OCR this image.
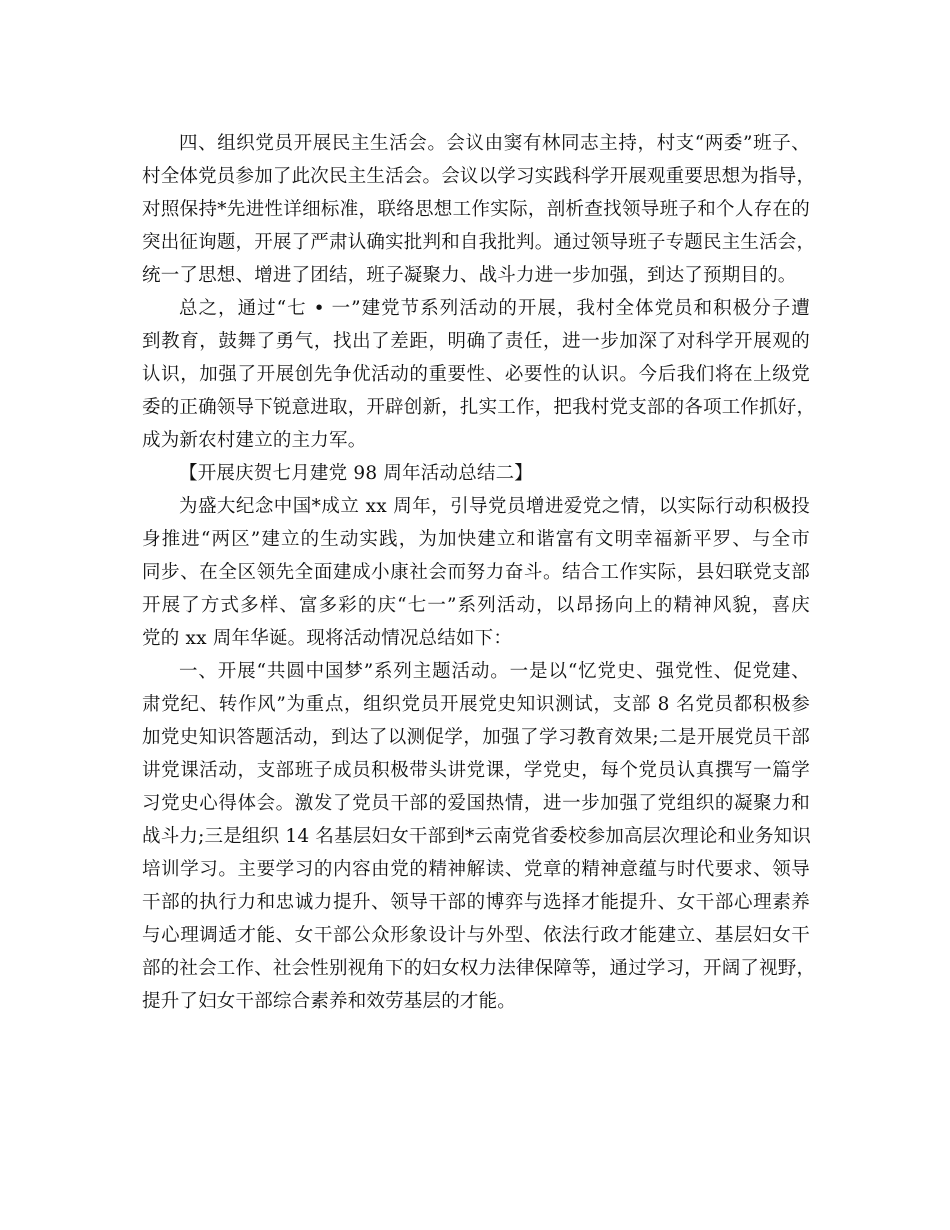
四、组织党员开展民主生活会。会议由窦有林同志主持，村支“两委”班子、
村全体党员参加了此次民主生活会。会议以学习实践科学开展观重要思想为指导，
对照保持*先进性详细标准，联络思想工作实际，剖析查找领导班子和个人存在的
突出征询题，开展了严肃认确实批判和自我批判。通过领导班子专题民主生活会，
统一了思想、增进了团结，班子凝聚力、战斗力进一步加强，到达了预期目的。
总之，通过“七 • 一”建党节系列活动的开展，我村全体党员和积极分子遭
到教育，鼓舞了勇气，找出了差距，明确了责任，进一步加深了对科学开展观的
认识，加强了开展创先争优活动的重要性、必要性的认识。今后我们将在上级党
委的正确领导下锐意进取，开辟创新，扎实工作，把我村党支部的各项工作抓好，
成为新农村建立的主力军。
【开展庆贺七月建党 98 周年活动总结二】
为盛大纪念中国*成立 xx 周年，引导党员增进爱党之情，以实际行动积极投
身推进“两区”建立的生动实践，为加快建立和谐富有文明幸福新平罗、与全市
同步、在全区领先全面建成小康社会而努力奋斗。结合工作实际，县妇联党支部
开展了方式多样、富多彩的庆“七一”系列活动，以昂扬向上的精神风貌，喜庆
党的 xx 周年华诞。现将活动情况总结如下：
一、开展“共圆中国梦”系列主题活动。一是以“忆党史、强党性、促党建、
肃党纪、转作风”为重点，组织党员开展党史知识测试，支部 8 名党员都积极参
加党史知识答题活动，到达了以测促学，加强了学习教育效果;二是开展党员干部
讲党课活动，支部班子成员积极带头讲党课，学党史，每个党员认真撰写一篇学
习党史心得体会。激发了党员干部的爱国热情，进一步加强了党组织的凝聚力和
战斗力;三是组织 14 名基层妇女干部到*云南党省委校参加高层次理论和业务知识
培训学习。主要学习的内容由党的精神解读、党章的精神意蕴与时代要求、领导
干部的执行力和忠诚力提升、领导干部的博弈与选择才能提升、女干部心理素养
与心理调适才能、女干部公众形象设计与外型、依法行政才能建立、基层妇女干
部的社会工作、社会性别视角下的妇女权力法律保障等，通过学习，开阔了视野，
提升了妇女干部综合素养和效劳基层的才能。
